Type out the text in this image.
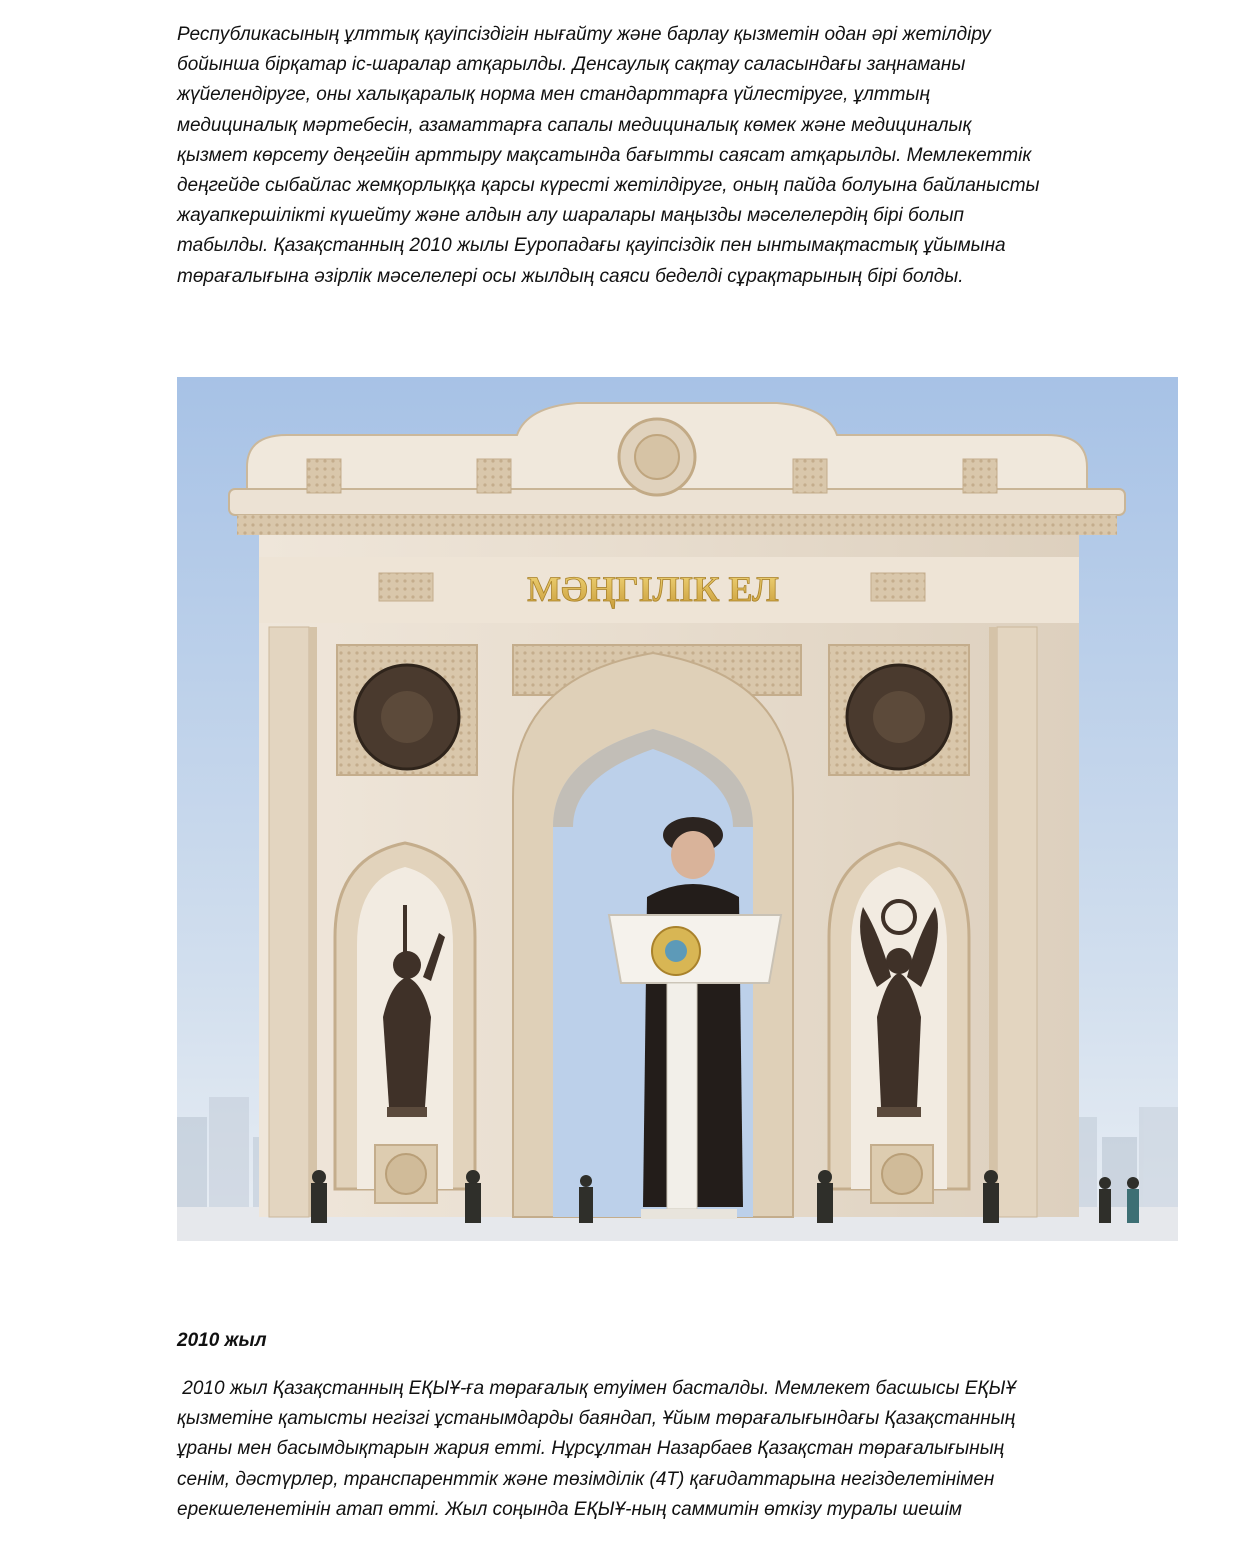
Республикасының ұлттық қауіпсіздігін нығайту және барлау қызметін одан әрі жетілдіру
бойынша бірқатар іс-шаралар атқарылды. Денсаулық сақтау саласындағы заңнаманы
жүйелендіруге, оны халықаралық норма мен стандарттарға үйлестіруге, ұлттың
медициналық мәртебесін, азаматтарға сапалы медициналық көмек және медициналық
қызмет көрсету деңгейін арттыру мақсатында бағытты саясат атқарылды. Мемлекеттік
деңгейде сыбайлас жемқорлыққа қарсы күресті жетілдіруге, оның пайда болуына байланысты
жауапкершілікті күшейту және алдын алу шаралары маңызды мәселелердің бірі болып
табылды. Қазақстанның 2010 жылы Еуропадағы қауіпсіздік пен ынтымақтастық ұйымына
төрағалығына әзірлік мәселелері осы жылдың саяси беделді сұрақтарының бірі болды.

МӘҢГІЛІК ЕЛ
2010 жыл

2010 жыл Қазақстанның ЕҚЫҰ-ға төрағалық етуімен басталды. Мемлекет басшысы ЕҚЫҰ
қызметіне қатысты негізгі ұстанымдарды баяндап, Ұйым төрағалығындағы Қазақстанның
ұраны мен басымдықтарын жария етті. Нұрсұлтан Назарбаев Қазақстан төрағалығының
сенім, дәстүрлер, транспаренттік және төзімділік (4Т) қағидаттарына негізделетінімен
ерекшеленетінін атап өтті. Жыл соңында ЕҚЫҰ-ның саммитін өткізу туралы шешім
